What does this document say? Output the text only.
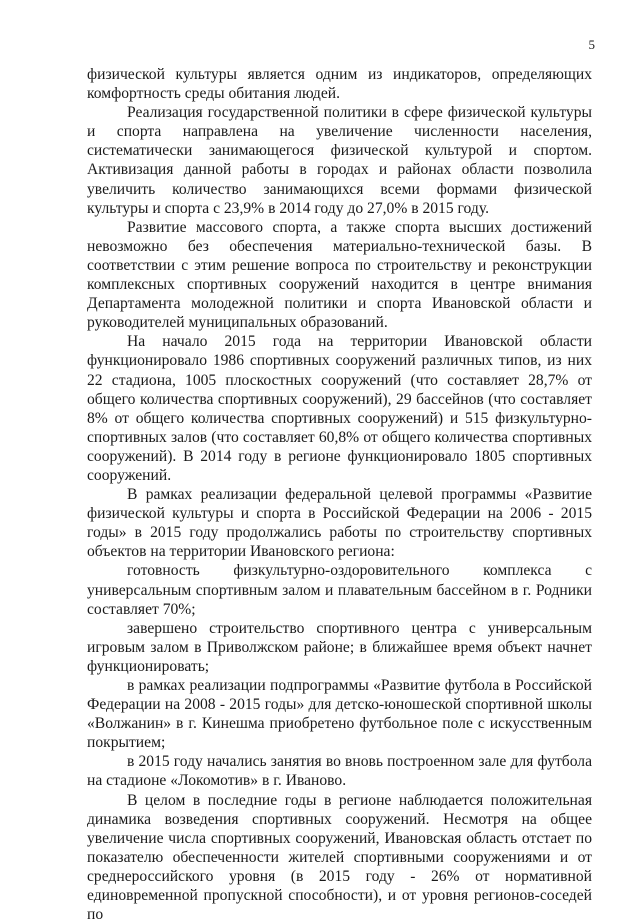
5

физической культуры является одним из индикаторов, определяющих комфортность среды обитания людей.

Реализация государственной политики в сфере физической культуры и спорта направлена на увеличение численности населения, систематически занимающегося физической культурой и спортом. Активизация данной работы в городах и районах области позволила увеличить количество занимающихся всеми формами физической культуры и спорта с 23,9% в 2014 году до 27,0% в 2015 году.

Развитие массового спорта, а также спорта высших достижений невозможно без обеспечения материально-технической базы. В соответствии с этим решение вопроса по строительству и реконструкции комплексных спортивных сооружений находится в центре внимания Департамента молодежной политики и спорта Ивановской области и руководителей муниципальных образований.

На начало 2015 года на территории Ивановской области функционировало 1986 спортивных сооружений различных типов, из них 22 стадиона, 1005 плоскостных сооружений (что составляет 28,7% от общего количества спортивных сооружений), 29 бассейнов (что составляет 8% от общего количества спортивных сооружений) и 515 физкультурно-спортивных залов (что составляет 60,8% от общего количества спортивных сооружений). В 2014 году в регионе функционировало 1805 спортивных сооружений.

В рамках реализации федеральной целевой программы «Развитие физической культуры и спорта в Российской Федерации на 2006 - 2015 годы» в 2015 году продолжались работы по строительству спортивных объектов на территории Ивановского региона:

готовность физкультурно-оздоровительного комплекса с универсальным спортивным залом и плавательным бассейном в г. Родники составляет 70%;

завершено строительство спортивного центра с универсальным игровым залом в Приволжском районе; в ближайшее время объект начнет функционировать;

в рамках реализации подпрограммы «Развитие футбола в Российской Федерации на 2008 - 2015 годы» для детско-юношеской спортивной школы «Волжанин» в г. Кинешма приобретено футбольное поле с искусственным покрытием;

в 2015 году начались занятия во вновь построенном зале для футбола на стадионе «Локомотив» в г. Иваново.

В целом в последние годы в регионе наблюдается положительная динамика возведения спортивных сооружений. Несмотря на общее увеличение числа спортивных сооружений, Ивановская область отстает по показателю обеспеченности жителей спортивными сооружениями и от среднероссийского уровня (в 2015 году - 26% от нормативной единовременной пропускной способности), и от уровня регионов-соседей по
